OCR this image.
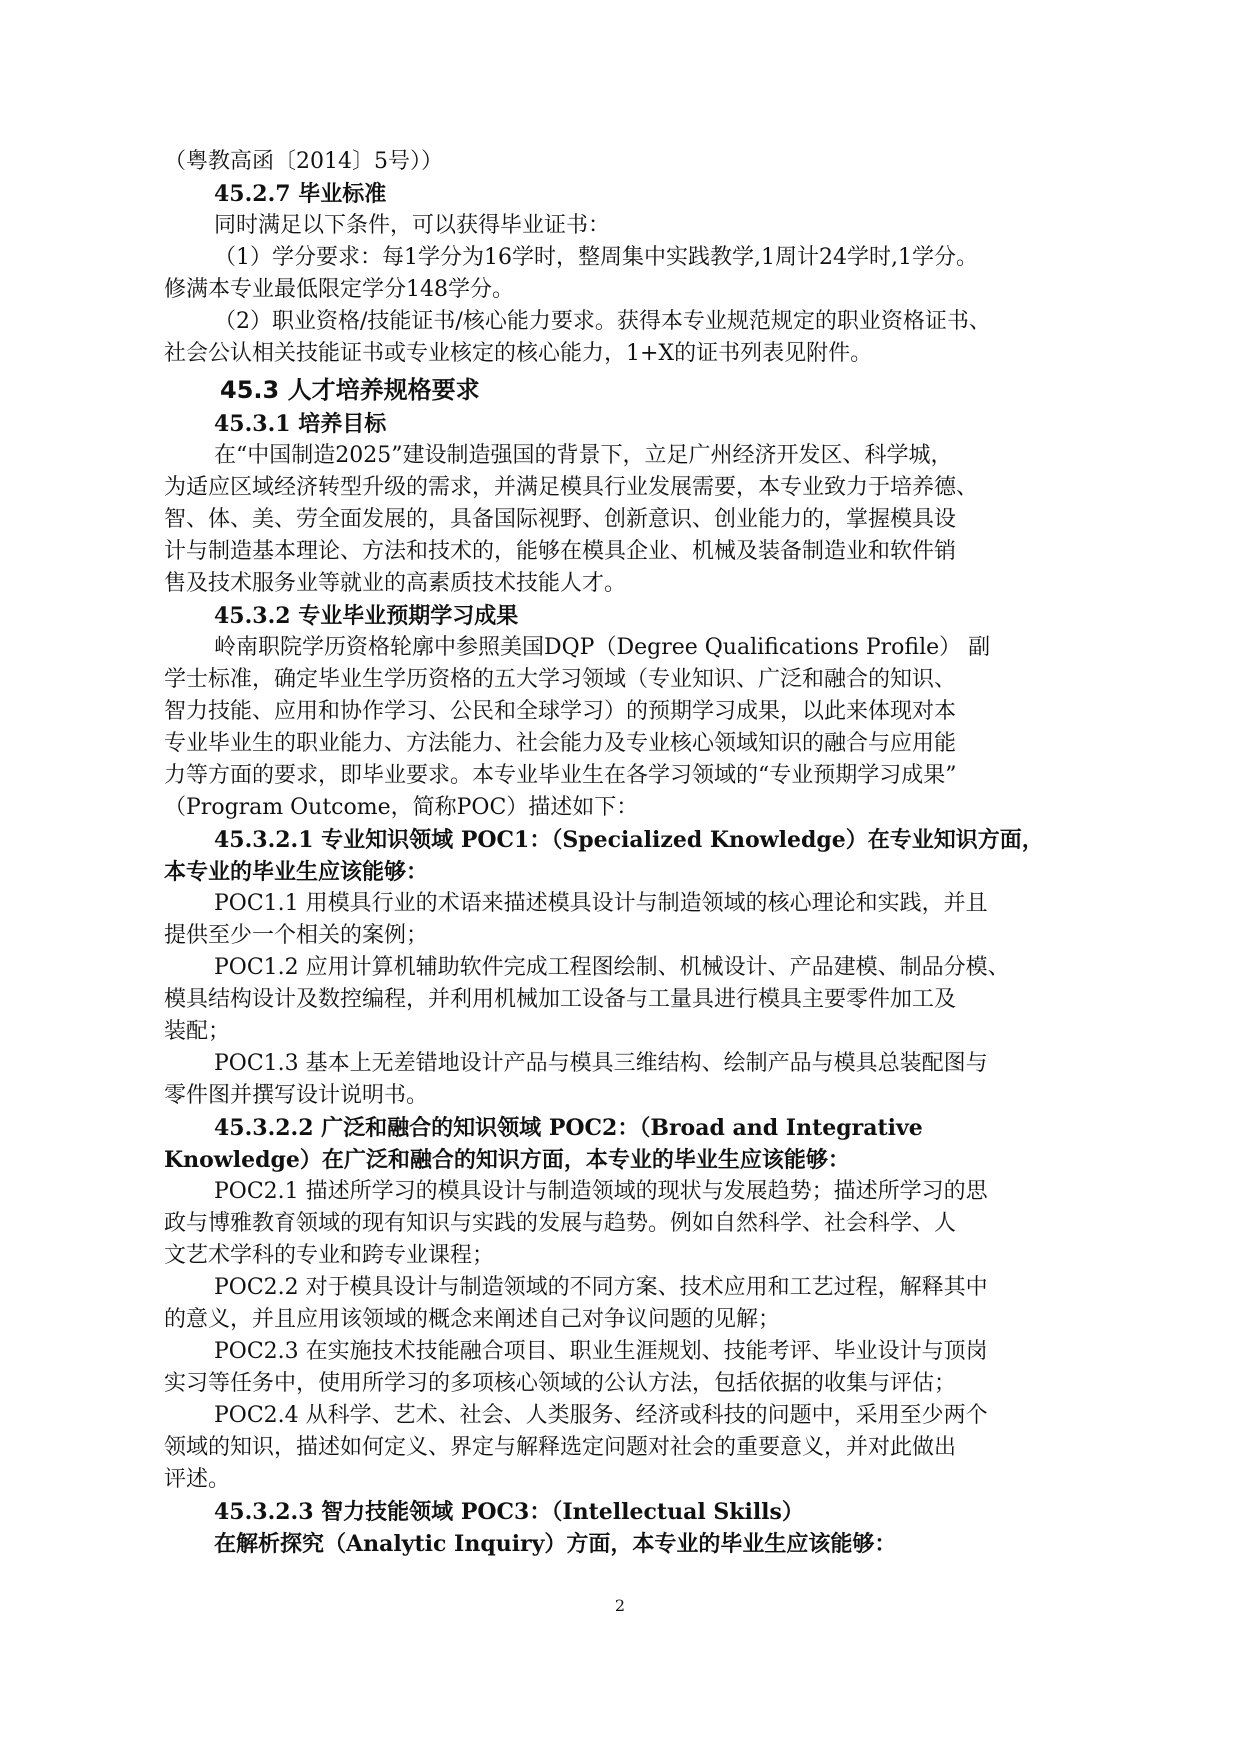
（粤教高函〔2014〕5号））
45.2.7 毕业标准
同时满足以下条件，可以获得毕业证书：
（1）学分要求：每1学分为16学时，整周集中实践教学,1周计24学时,1学分。
修满本专业最低限定学分148学分。
（2）职业资格/技能证书/核心能力要求。获得本专业规范规定的职业资格证书、
社会公认相关技能证书或专业核定的核心能力，1+X的证书列表见附件。
45.3 人才培养规格要求
45.3.1 培养目标
在“中国制造2025”建设制造强国的背景下，立足广州经济开发区、科学城，
为适应区域经济转型升级的需求，并满足模具行业发展需要，本专业致力于培养德、
智、体、美、劳全面发展的，具备国际视野、创新意识、创业能力的，掌握模具设
计与制造基本理论、方法和技术的，能够在模具企业、机械及装备制造业和软件销
售及技术服务业等就业的高素质技术技能人才。
45.3.2 专业毕业预期学习成果
岭南职院学历资格轮廓中参照美国DQP（Degree Qualifications Profile） 副
学士标准，确定毕业生学历资格的五大学习领域（专业知识、广泛和融合的知识、
智力技能、应用和协作学习、公民和全球学习）的预期学习成果，以此来体现对本
专业毕业生的职业能力、方法能力、社会能力及专业核心领域知识的融合与应用能
力等方面的要求，即毕业要求。本专业毕业生在各学习领域的“专业预期学习成果”
（Program Outcome，简称POC）描述如下：
45.3.2.1 专业知识领域 POC1：（Specialized Knowledge）在专业知识方面，
本专业的毕业生应该能够：
POC1.1 用模具行业的术语来描述模具设计与制造领域的核心理论和实践，并且
提供至少一个相关的案例；
POC1.2 应用计算机辅助软件完成工程图绘制、机械设计、产品建模、制品分模、
模具结构设计及数控编程，并利用机械加工设备与工量具进行模具主要零件加工及
装配；
POC1.3 基本上无差错地设计产品与模具三维结构、绘制产品与模具总装配图与
零件图并撰写设计说明书。
45.3.2.2 广泛和融合的知识领域 POC2：（Broad and Integrative
Knowledge）在广泛和融合的知识方面，本专业的毕业生应该能够：
POC2.1 描述所学习的模具设计与制造领域的现状与发展趋势；描述所学习的思
政与博雅教育领域的现有知识与实践的发展与趋势。例如自然科学、社会科学、人
文艺术学科的专业和跨专业课程；
POC2.2 对于模具设计与制造领域的不同方案、技术应用和工艺过程，解释其中
的意义，并且应用该领域的概念来阐述自己对争议问题的见解；
POC2.3 在实施技术技能融合项目、职业生涯规划、技能考评、毕业设计与顶岗
实习等任务中，使用所学习的多项核心领域的公认方法，包括依据的收集与评估；
POC2.4 从科学、艺术、社会、人类服务、经济或科技的问题中，采用至少两个
领域的知识，描述如何定义、界定与解释选定问题对社会的重要意义，并对此做出
评述。
45.3.2.3 智力技能领域 POC3：（Intellectual Skills）
在解析探究（Analytic Inquiry）方面，本专业的毕业生应该能够：
2
